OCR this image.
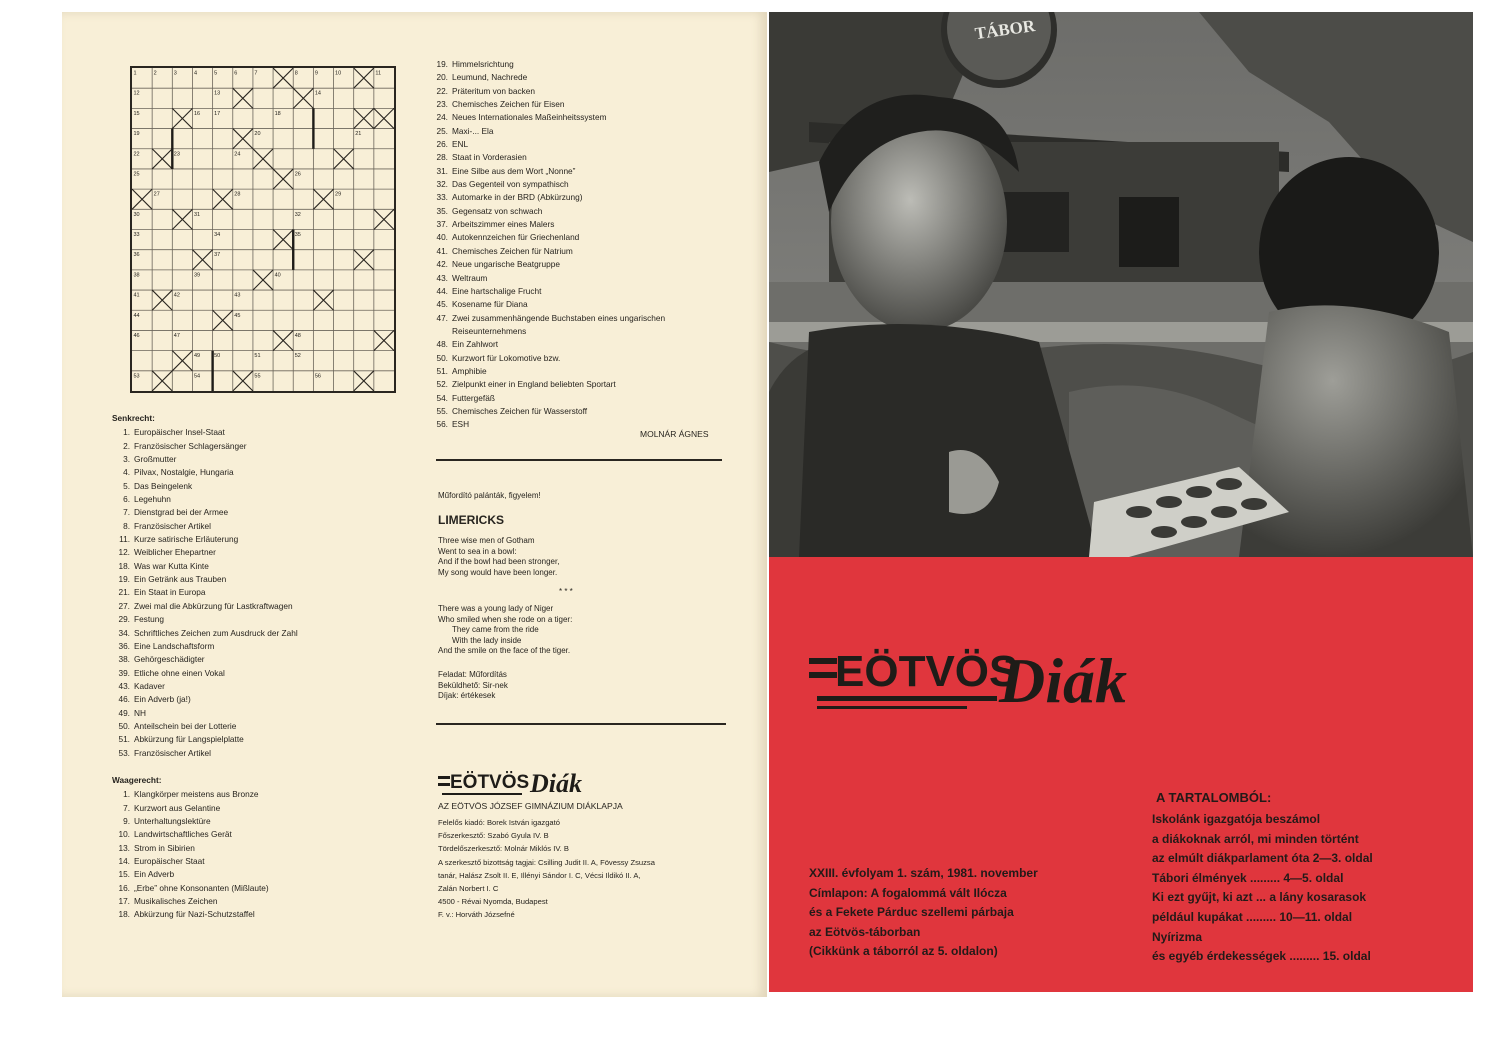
1	2	3	4	5	6	7	8	9	10	11
12	13	14
15	16	17	18
19	20	21
22	23	24
25	26
27	28	29
30	31	32
33	34	35
36	37
38	39	40
41	42	43
44	45
46	47	48
49	50	51	52
53	54	55	56
Senkrecht:
1. Europäischer Insel-Staat
2. Französischer Schlagersänger
3. Großmutter
4. Pilvax, Nostalgie, Hungaria
5. Das Beingelenk
6. Legehuhn
7. Dienstgrad bei der Armee
8. Französischer Artikel
11. Kurze satirische Erläuterung
12. Weiblicher Ehepartner
18. Was war Kutta Kinte
19. Ein Getränk aus Trauben
21. Ein Staat in Europa
27. Zwei mal die Abkürzung für Lastkraftwagen
29. Festung
34. Schriftliches Zeichen zum Ausdruck der Zahl
36. Eine Landschaftsform
38. Gehörgeschädigter
39. Etliche ohne einen Vokal
43. Kadaver
46. Ein Adverb (ja!)
49. NH
50. Anteilschein bei der Lotterie
51. Abkürzung für Langspielplatte
53. Französischer Artikel
Waagerecht:
1. Klangkörper meistens aus Bronze
7. Kurzwort aus Gelantine
9. Unterhaltungslektüre
10. Landwirtschaftliches Gerät
13. Strom in Sibirien
14. Europäischer Staat
15. Ein Adverb
16. „Erbe” ohne Konsonanten (Mißlaute)
17. Musikalisches Zeichen
18. Abkürzung für Nazi-Schutzstaffel
19. Himmelsrichtung
20. Leumund, Nachrede
22. Präteritum von backen
23. Chemisches Zeichen für Eisen
24. Neues Internationales Maßeinheitssystem
25. Maxi-... Ela
26. ENL
28. Staat in Vorderasien
31. Eine Silbe aus dem Wort „Nonne”
32. Das Gegenteil von sympathisch
33. Automarke in der BRD (Abkürzung)
35. Gegensatz von schwach
37. Arbeitszimmer eines Malers
40. Autokennzeichen für Griechenland
41. Chemisches Zeichen für Natrium
42. Neue ungarische Beatgruppe
43. Weltraum
44. Eine hartschalige Frucht
45. Kosename für Diana
47. Zwei zusammenhängende Buchstaben eines ungarischen
Reiseunternehmens
48. Ein Zahlwort
50. Kurzwort für Lokomotive bzw.
51. Amphibie
52. Zielpunkt einer in England beliebten Sportart
54. Futtergefäß
55. Chemisches Zeichen für Wasserstoff
56. ESH
MOLNÁR ÁGNES
Műfordító palánták, figyelem!
LIMERICKS
Three wise men of Gotham
Went to sea in a bowl:
And if the bowl had been stronger,
My song would have been longer.
* * *
There was a young lady of Niger
Who smiled when she rode on a tiger:
They came from the ride
With the lady inside
And the smile on the face of the tiger.
Feladat: Műfordítás
Beküldhető: Sir-nek
Díjak: értékesek
EÖTVÖS Diák
AZ EÖTVÖS JÓZSEF GIMNÁZIUM DIÁKLAPJA
Felelős kiadó: Borek István igazgató
Főszerkesztő: Szabó Gyula IV. B
Tördelőszerkesztő: Molnár Miklós IV. B
A szerkesztő bizottság tagjai: Csilling Judit II. A, Fövessy Zsuzsa
tanár, Halász Zsolt II. E, Illényi Sándor I. C, Vécsi Ildikó II. A,
Zalán Norbert I. C
4500 - Révai Nyomda, Budapest
F. v.: Horváth Józsefné
TÁBOR
EÖTVÖS
Diák
XXIII. évfolyam 1. szám, 1981. november
Címlapon: A fogalommá vált Ilócza
és a Fekete Párduc szellemi párbaja
az Eötvös-táborban
(Cikkünk a táborról az 5. oldalon)
A TARTALOMBÓL:
Iskolánk igazgatója beszámol
a diákoknak arról, mi minden történt
az elmúlt diákparlament óta 2—3. oldal
Tábori élmények ......... 4—5. oldal
Ki ezt gyűjt, ki azt ... a lány kosarasok
például kupákat ......... 10—11. oldal
Nyírizma
és egyéb érdekességek ......... 15. oldal
